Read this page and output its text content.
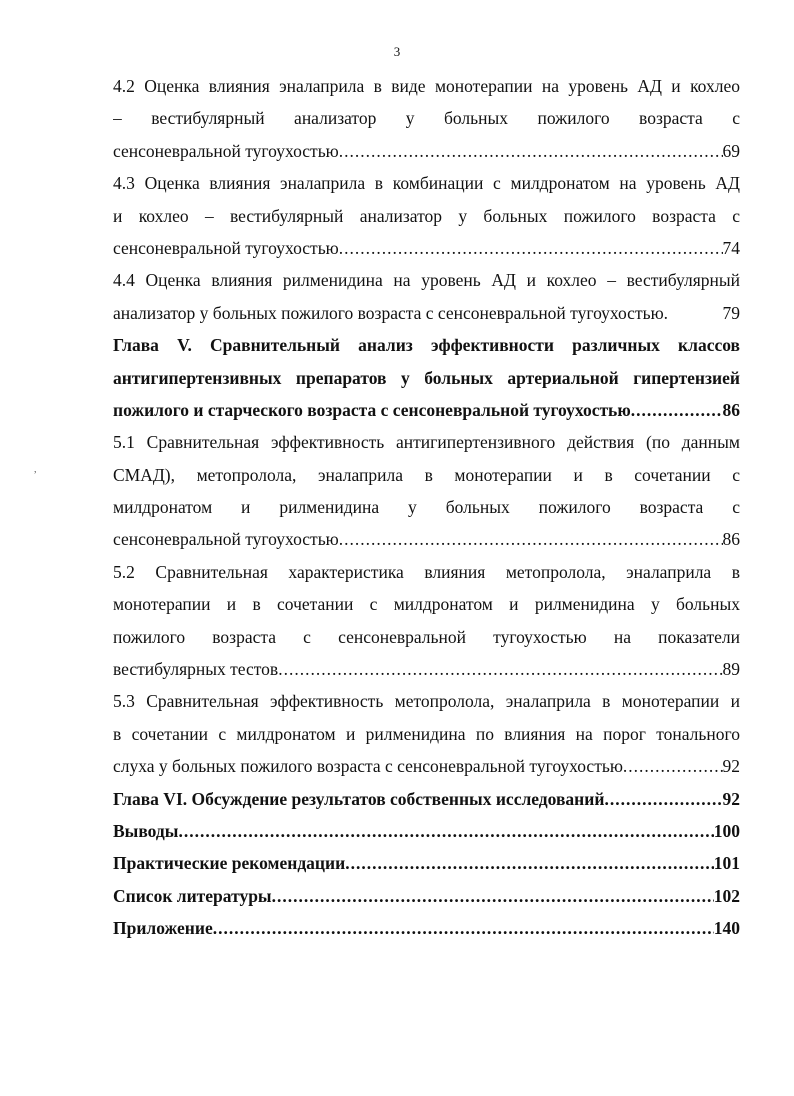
3
,
4.2 Оценка влияния эналаприла в виде монотерапии на уровень АД и кохлео
– вестибулярный анализатор у больных пожилого возраста с
сенсоневральной тугоухостью .....	69
4.3 Оценка влияния эналаприла в комбинации с милдронатом на уровень АД
и кохлео – вестибулярный анализатор у больных пожилого возраста с
сенсоневральной тугоухостью .....	74
4.4 Оценка влияния рилменидина на уровень АД и кохлео – вестибулярный
анализатор у больных пожилого возраста с сенсоневральной тугоухостью.	79
Глава V. Сравнительный анализ эффективности различных классов
антигипертензивных препаратов у больных артериальной гипертензией
пожилого и старческого возраста с сенсоневральной тугоухостью .....	86
5.1 Сравнительная эффективность антигипертензивного действия (по данным
СМАД), метопролола, эналаприла в монотерапии и в сочетании с
милдронатом и рилменидина у больных пожилого возраста с
сенсоневральной тугоухостью .....	86
5.2 Сравнительная характеристика влияния метопролола, эналаприла в
монотерапии и в сочетании с милдронатом и рилменидина у больных
пожилого возраста с сенсоневральной тугоухостью на показатели
вестибулярных тестов .....	89
5.3 Сравнительная эффективность метопролола, эналаприла в монотерапии и
в сочетании с милдронатом и рилменидина по влияния на порог тонального
слуха у больных пожилого возраста с сенсоневральной тугоухостью .....	92
Глава VI. Обсуждение результатов собственных исследований .....	92
Выводы .....	100
Практические рекомендации .....	101
Список литературы .....	102
Приложение .....	140
